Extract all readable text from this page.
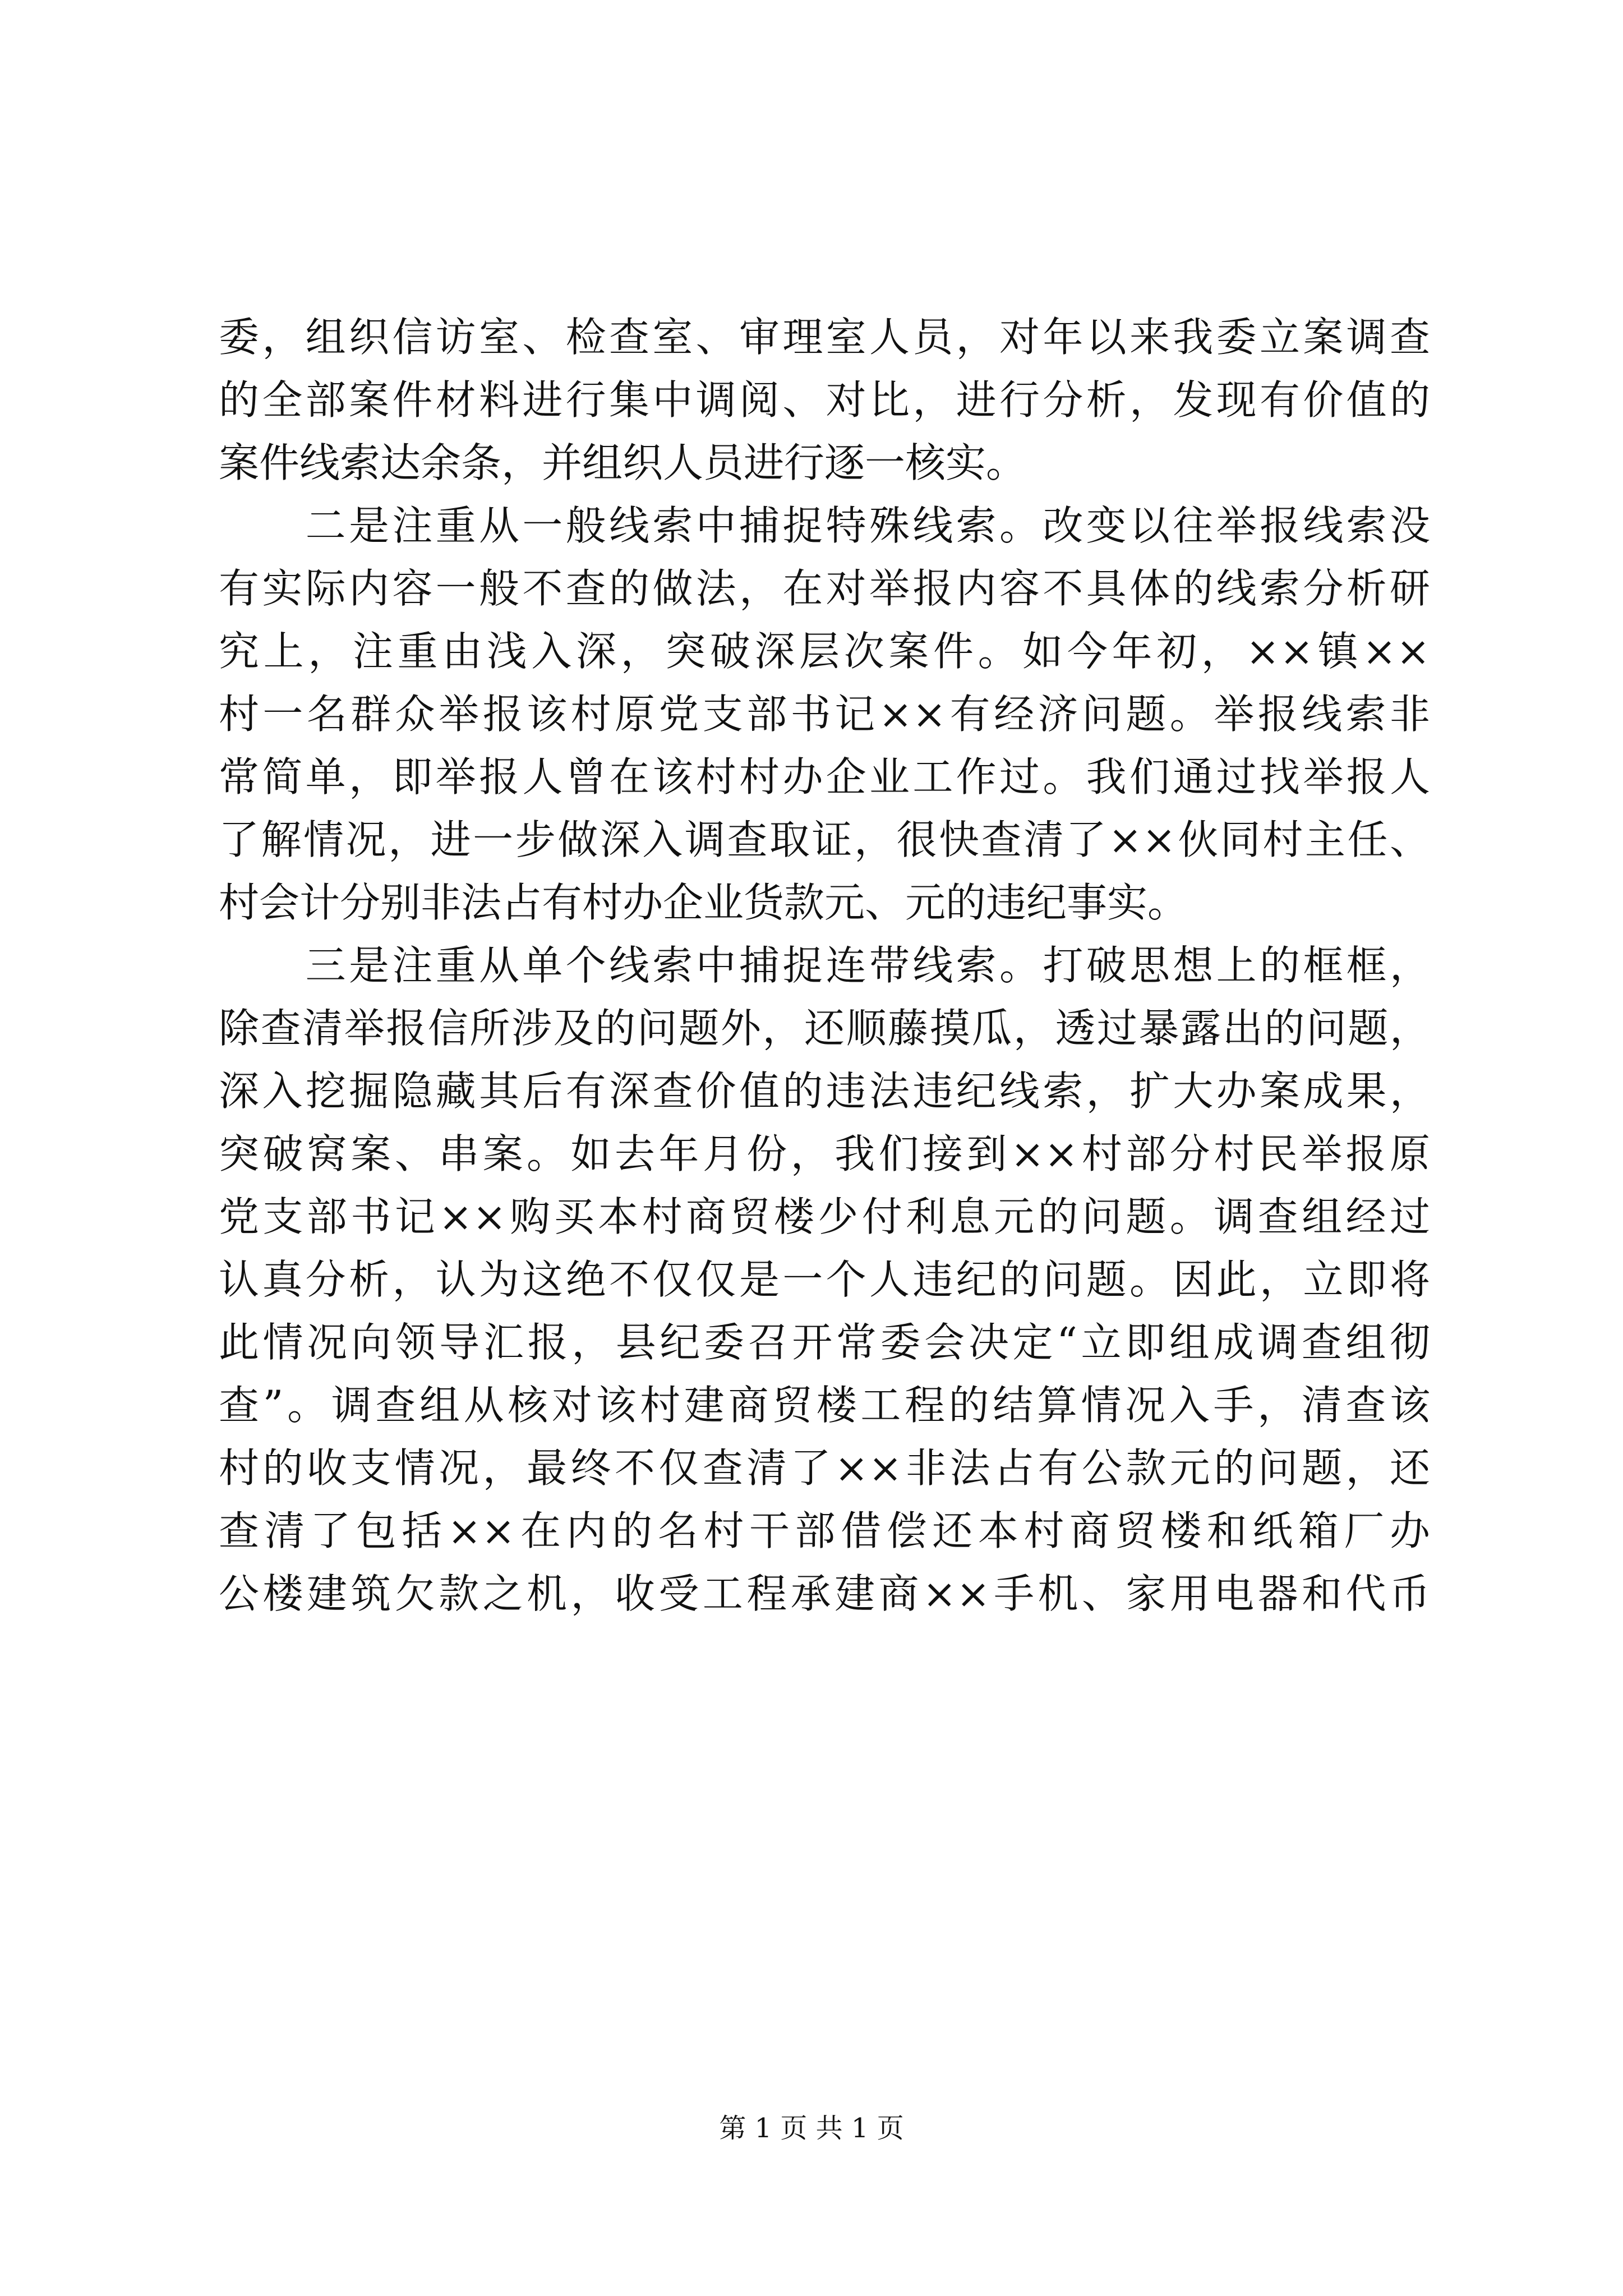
委，组织信访室、检查室、审理室人员，对年以来我委立案调查
的全部案件材料进行集中调阅、对比，进行分析，发现有价值的
案件线索达余条，并组织人员进行逐一核实。
　　二是注重从一般线索中捕捉特殊线索。改变以往举报线索没
有实际内容一般不查的做法，在对举报内容不具体的线索分析研
究上，注重由浅入深，突破深层次案件。如今年初，××镇××
村一名群众举报该村原党支部书记××有经济问题。举报线索非
常简单，即举报人曾在该村村办企业工作过。我们通过找举报人
了解情况，进一步做深入调查取证，很快查清了××伙同村主任、
村会计分别非法占有村办企业货款元、元的违纪事实。
　　三是注重从单个线索中捕捉连带线索。打破思想上的框框，
除查清举报信所涉及的问题外，还顺藤摸瓜，透过暴露出的问题，
深入挖掘隐藏其后有深查价值的违法违纪线索，扩大办案成果，
突破窝案、串案。如去年月份，我们接到××村部分村民举报原
党支部书记××购买本村商贸楼少付利息元的问题。调查组经过
认真分析，认为这绝不仅仅是一个人违纪的问题。因此，立即将
此情况向领导汇报，县纪委召开常委会决定“立即组成调查组彻
查”。调查组从核对该村建商贸楼工程的结算情况入手，清查该
村的收支情况，最终不仅查清了××非法占有公款元的问题，还
查清了包括××在内的名村干部借偿还本村商贸楼和纸箱厂办
公楼建筑欠款之机，收受工程承建商××手机、家用电器和代币
第 1 页 共 1 页
